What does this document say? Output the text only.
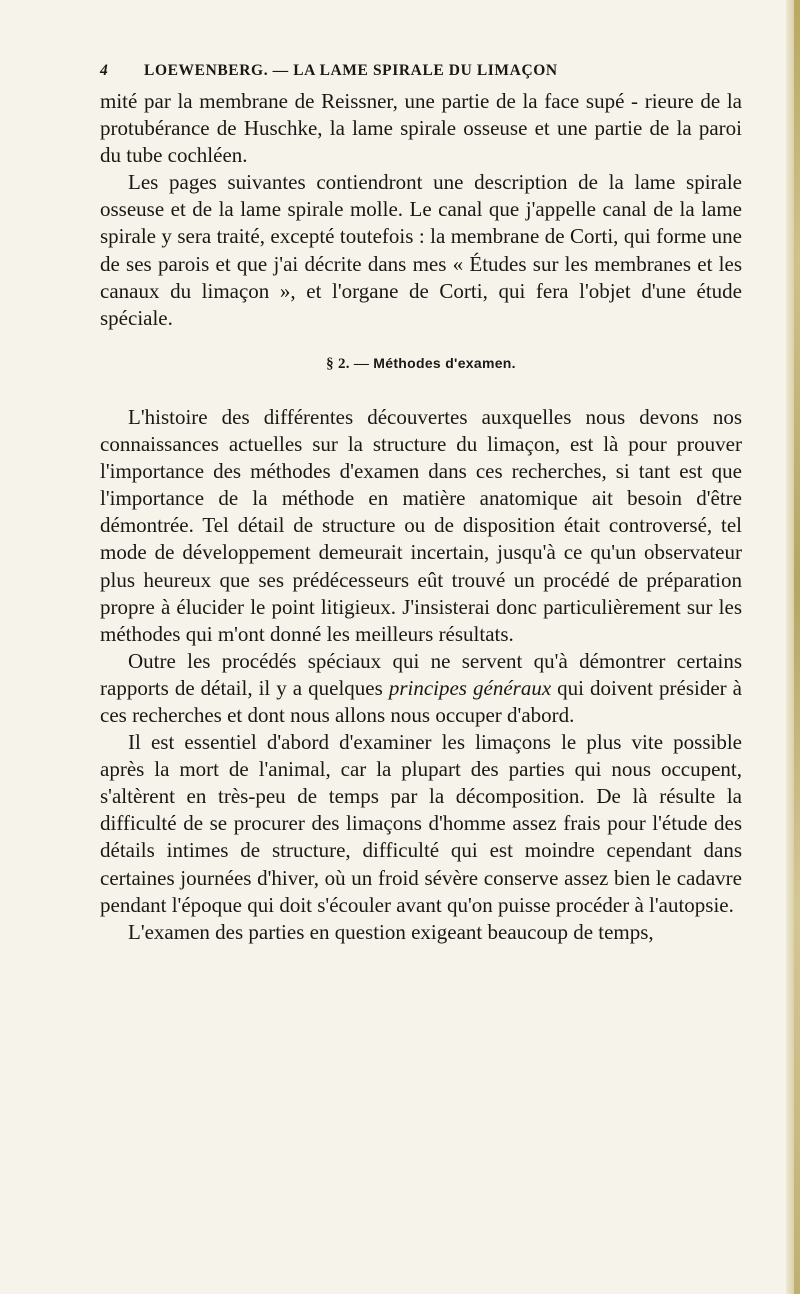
4 LOEWENBERG. — LA LAME SPIRALE DU LIMAÇON

mité par la membrane de Reissner, une partie de la face supé - rieure de la protubérance de Huschke, la lame spirale osseuse et une partie de la paroi du tube cochléen.

Les pages suivantes contiendront une description de la lame spirale osseuse et de la lame spirale molle. Le canal que j'appelle canal de la lame spirale y sera traité, excepté toutefois : la membrane de Corti, qui forme une de ses parois et que j'ai décrite dans mes « Études sur les membranes et les canaux du limaçon », et l'organe de Corti, qui fera l'objet d'une étude spéciale.

§ 2. — Méthodes d'examen.

L'histoire des différentes découvertes auxquelles nous devons nos connaissances actuelles sur la structure du limaçon, est là pour prouver l'importance des méthodes d'examen dans ces recherches, si tant est que l'importance de la méthode en matière anatomique ait besoin d'être démontrée. Tel détail de structure ou de disposition était controversé, tel mode de développement demeurait incertain, jusqu'à ce qu'un observateur plus heureux que ses prédécesseurs eût trouvé un procédé de préparation propre à élucider le point litigieux. J'insisterai donc particulièrement sur les méthodes qui m'ont donné les meilleurs résultats.

Outre les procédés spéciaux qui ne servent qu'à démontrer certains rapports de détail, il y a quelques principes généraux qui doivent présider à ces recherches et dont nous allons nous occuper d'abord.

Il est essentiel d'abord d'examiner les limaçons le plus vite possible après la mort de l'animal, car la plupart des parties qui nous occupent, s'altèrent en très-peu de temps par la décomposition. De là résulte la difficulté de se procurer des limaçons d'homme assez frais pour l'étude des détails intimes de structure, difficulté qui est moindre cependant dans certaines journées d'hiver, où un froid sévère conserve assez bien le cadavre pendant l'époque qui doit s'écouler avant qu'on puisse procéder à l'autopsie.

L'examen des parties en question exigeant beaucoup de temps,
